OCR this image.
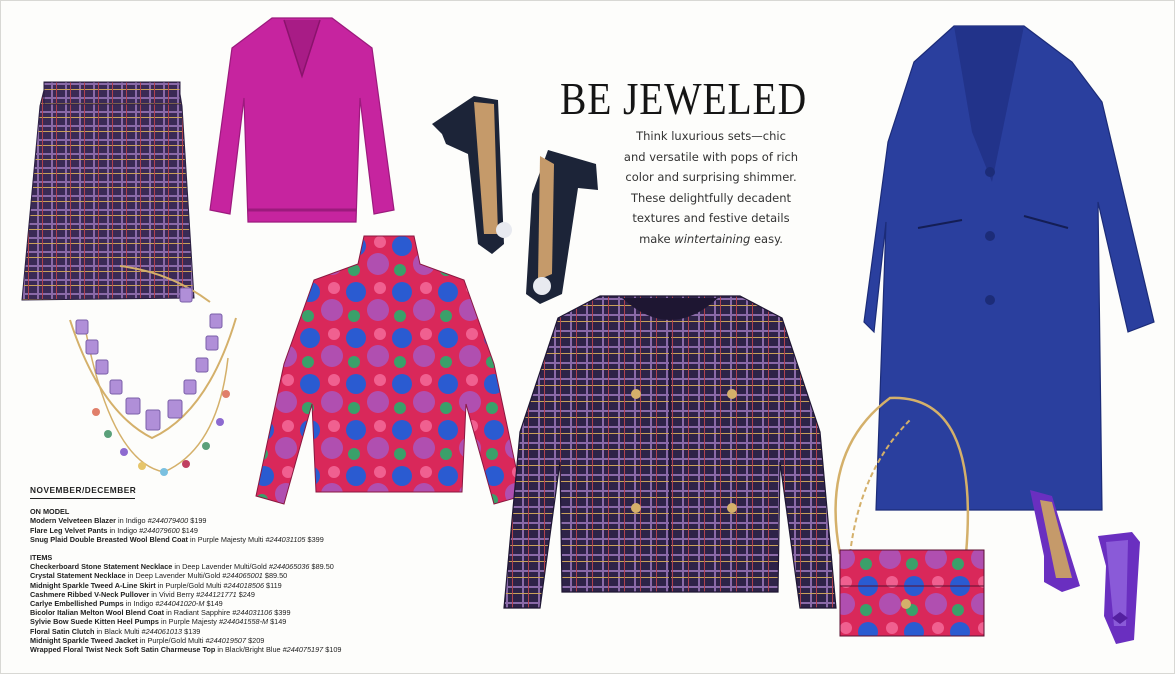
BE JEWELED
Think luxurious sets—chic
and versatile with pops of rich
color and surprising shimmer.
These delightfully decadent
textures and festive details
make wintertaining easy.
NOVEMBER/DECEMBER
ON MODEL
Modern Velveteen Blazer in Indigo #244079400 $199
Flare Leg Velvet Pants in Indigo #244079600 $149
Snug Plaid Double Breasted Wool Blend Coat in Purple Majesty Multi #244031105 $399
ITEMS
Checkerboard Stone Statement Necklace in Deep Lavender Multi/Gold #244065036 $89.50
Crystal Statement Necklace in Deep Lavender Multi/Gold #244065001 $89.50
Midnight Sparkle Tweed A-Line Skirt in Purple/Gold Multi #244018506 $119
Cashmere Ribbed V-Neck Pullover in Vivid Berry #244121771 $249
Carlye Embellished Pumps in Indigo #244041020-M $149
Bicolor Italian Melton Wool Blend Coat in Radiant Sapphire #244031106 $399
Sylvie Bow Suede Kitten Heel Pumps in Purple Majesty #244041558-M $149
Floral Satin Clutch in Black Multi #244061013 $139
Midnight Sparkle Tweed Jacket in Purple/Gold Multi #244019507 $209
Wrapped Floral Twist Neck Soft Satin Charmeuse Top in Black/Bright Blue #244075197 $109
